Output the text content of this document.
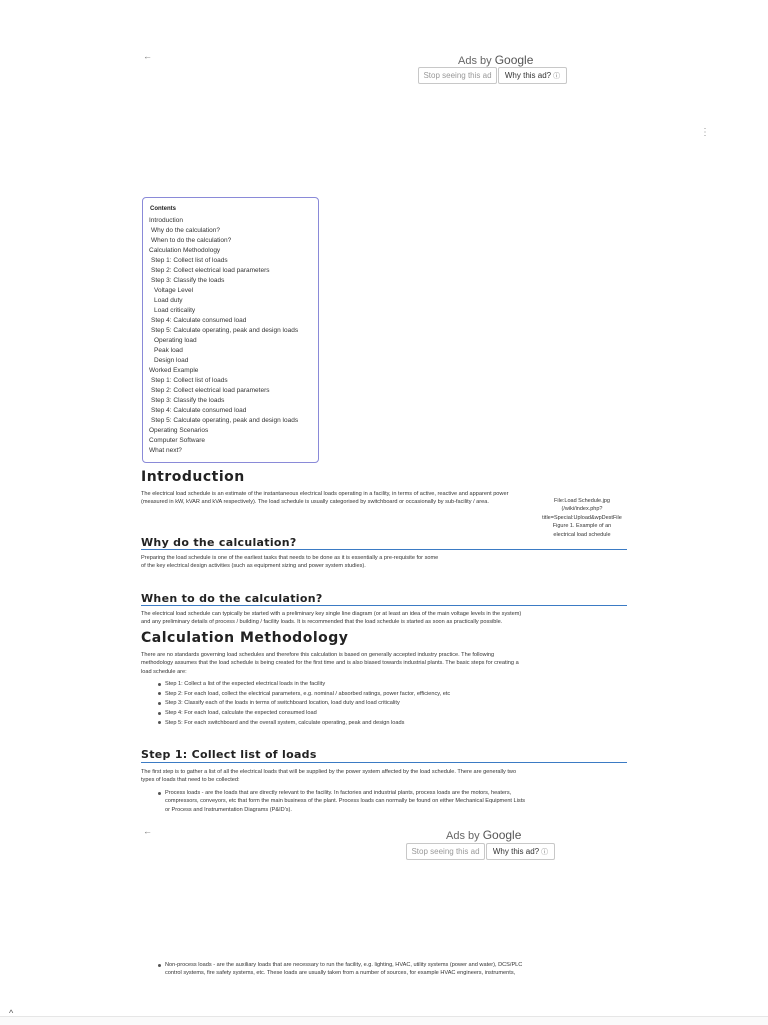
←	Ads by Google
Stop seeing this ad	Why this ad? ⓘ
⋮
Contents
Introduction
Why do the calculation?
When to do the calculation?
Calculation Methodology
Step 1: Collect list of loads
Step 2: Collect electrical load parameters
Step 3: Classify the loads
Voltage Level
Load duty
Load criticality
Step 4: Calculate consumed load
Step 5: Calculate operating, peak and design loads
Operating load
Peak load
Design load
Worked Example
Step 1: Collect list of loads
Step 2: Collect electrical load parameters
Step 3: Classify the loads
Step 4: Calculate consumed load
Step 5: Calculate operating, peak and design loads
Operating Scenarios
Computer Software
What next?
Introduction

The electrical load schedule is an estimate of the instantaneous electrical loads operating in a facility, in terms of active, reactive and apparent power (measured in kW, kVAR and kVA respectively). The load schedule is usually categorised by switchboard or occasionally by sub-facility / area.	File:Load Schedule.jpg
(/wiki/index.php?
title=Special:Upload&wpDestFile
Figure 1. Example of an
electrical load schedule
Why do the calculation?

Preparing the load schedule is one of the earliest tasks that needs to be done as it is essentially a pre-requisite for some
of the key electrical design activities (such as equipment sizing and power system studies).

When to do the calculation?

The electrical load schedule can typically be started with a preliminary key single line diagram (or at least an idea of the main voltage levels in the system)
and any preliminary details of process / building / facility loads. It is recommended that the load schedule is started as soon as practically possible.

Calculation Methodology

There are no standards governing load schedules and therefore this calculation is based on generally accepted industry practice. The following
methodology assumes that the load schedule is being created for the first time and is also biased towards industrial plants. The basic steps for creating a
load schedule are:

Step 1: Collect a list of the expected electrical loads in the facility
Step 2: For each load, collect the electrical parameters, e.g. nominal / absorbed ratings, power factor, efficiency, etc
Step 3: Classify each of the loads in terms of switchboard location, load duty and load criticality
Step 4: For each load, calculate the expected consumed load
Step 5: For each switchboard and the overall system, calculate operating, peak and design loads
Step 1: Collect list of loads

The first step is to gather a list of all the electrical loads that will be supplied by the power system affected by the load schedule. There are generally two
types of loads that need to be collected:

Process loads - are the loads that are directly relevant to the facility. In factories and industrial plants, process loads are the motors, heaters,
compressors, conveyors, etc that form the main business of the plant. Process loads can normally be found on either Mechanical Equipment Lists
or Process and Instrumentation Diagrams (P&ID's).

←	Ads by Google
Stop seeing this ad	Why this ad? ⓘ

Non-process loads - are the auxiliary loads that are necessary to run the facility, e.g. lighting, HVAC, utility systems (power and water), DCS/PLC
control systems, fire safety systems, etc. These loads are usually taken from a number of sources, for example HVAC engineers, instruments,

^
